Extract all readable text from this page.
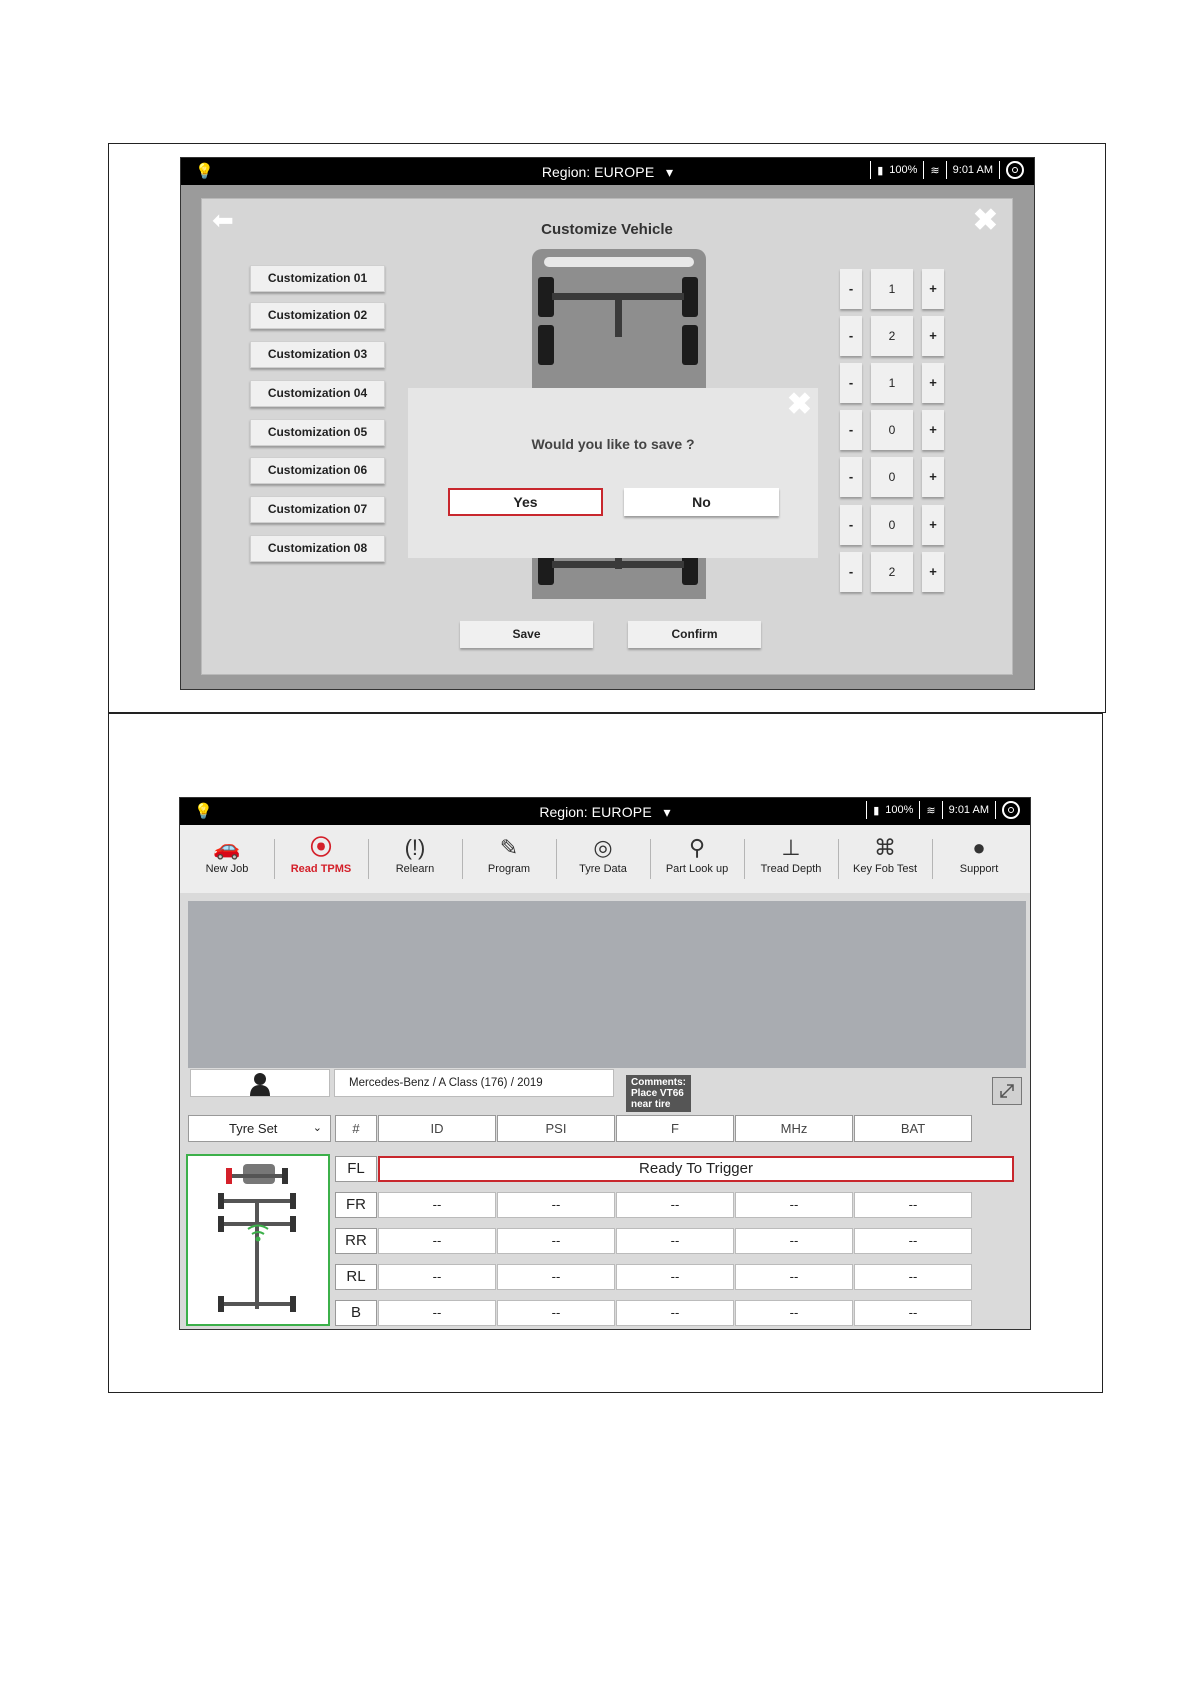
💡	Region: EUROPE   ▾	▮ 100% ≋ 9:01 AM
⬅	Customize Vehicle	✖
Customization 01
Customization 02
Customization 03
Customization 04
Customization 05
Customization 06
Customization 07
Customization 08
-	1	+
-	2	+
-	1	+
-	0	+
-	0	+
-	0	+
-	2	+
Save	Confirm
✖
Would you like to save ?
Yes	No
💡	Region: EUROPE   ▾	▮ 100% ≋ 9:01 AM
🚗
New Job
⦿
Read TPMS
(!)
Relearn
✎
Program
◎
Tyre Data
⚲
Part Look up
⊥
Tread Depth
⌘
Key Fob Test
●
Support
Mercedes-Benz / A Class (176) / 2019	Comments: Place VT66 near tire
Tyre Set	⌄	#	ID	PSI	F	MHz	BAT
FL	Ready To Trigger
FR	--	--	--	--	--
RR	--	--	--	--	--
RL	--	--	--	--	--
B	--	--	--	--	--
